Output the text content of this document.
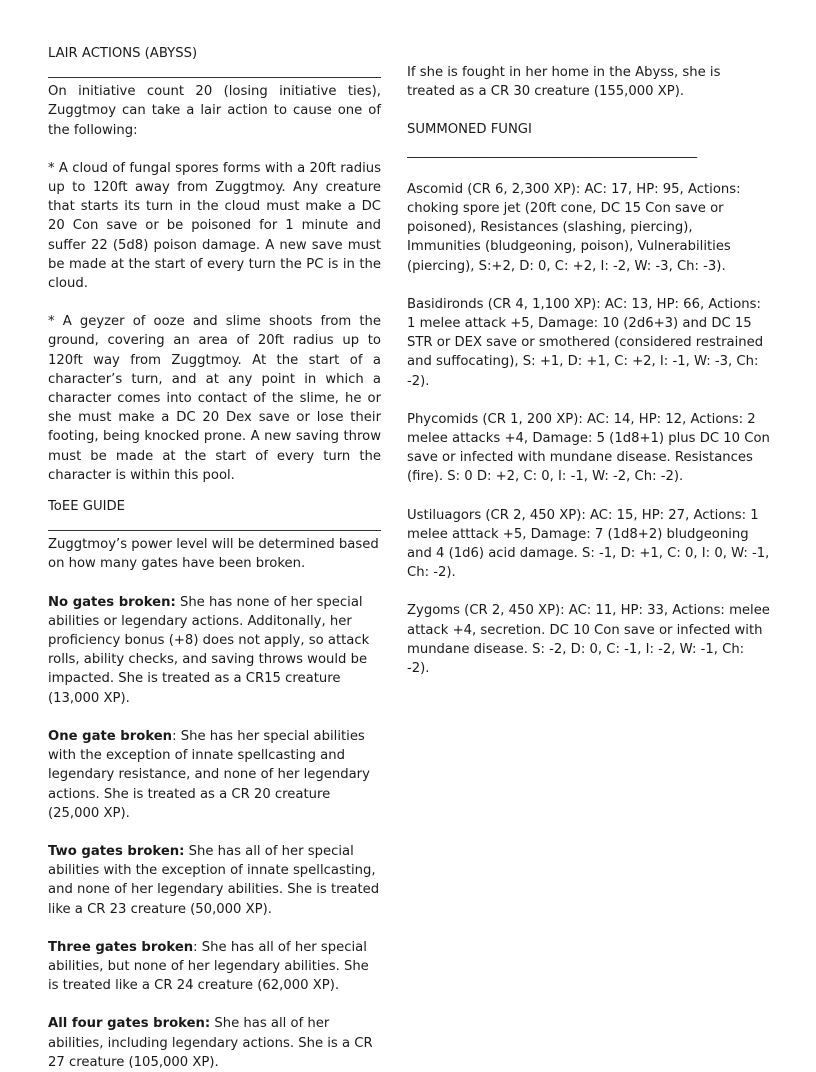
LAIR ACTIONS (ABYSS)

On initiative count 20 (losing initiative ties), Zuggtmoy can take a lair action to cause one of the following:

* A cloud of fungal spores forms with a 20ft radius up to 120ft away from Zuggtmoy. Any creature that starts its turn in the cloud must make a DC 20 Con save or be poisoned for 1 minute and suffer 22 (5d8) poison damage. A new save must be made at the start of every turn the PC is in the cloud.

* A geyzer of ooze and slime shoots from the ground, covering an area of 20ft radius up to 120ft way from Zuggtmoy. At the start of a character’s turn, and at any point in which a character comes into contact of the slime, he or she must make a DC 20 Dex save or lose their footing, being knocked prone. A new saving throw must be made at the start of every turn the character is within this pool.

ToEE GUIDE

Zuggtmoy’s power level will be determined based on how many gates have been broken.

No gates broken: She has none of her special abilities or legendary actions. Additonally, her proficiency bonus (+8) does not apply, so attack rolls, ability checks, and saving throws would be impacted. She is treated as a CR15 creature (13,000 XP).

One gate broken: She has her special abilities with the exception of innate spellcasting and legendary resistance, and none of her legendary actions. She is treated as a CR 20 creature (25,000 XP).

Two gates broken: She has all of her special abilities with the exception of innate spellcasting, and none of her legendary abilities. She is treated like a CR 23 creature (50,000 XP).

Three gates broken: She has all of her special abilities, but none of her legendary abilities. She is treated like a CR 24 creature (62,000 XP).

All four gates broken: She has all of her abilities, including legendary actions. She is a CR 27 creature (105,000 XP).

If she is fought in her home in the Abyss, she is treated as a CR 30 creature (155,000 XP).

SUMMONED FUNGI

____________________________________________

Ascomid (CR 6, 2,300 XP): AC: 17, HP: 95, Actions: choking spore jet (20ft cone, DC 15 Con save or poisoned), Resistances (slashing, piercing), Immunities (bludgeoning, poison), Vulnerabilities (piercing), S:+2, D: 0, C: +2, I: -2, W: -3, Ch: -3).

Basidironds (CR 4, 1,100 XP): AC: 13, HP: 66, Actions: 1 melee attack +5, Damage: 10 (2d6+3) and DC 15 STR or DEX save or smothered (considered restrained and suffocating), S: +1, D: +1, C: +2, I: -1, W: -3, Ch: -2).

Phycomids (CR 1, 200 XP): AC: 14, HP: 12, Actions: 2 melee attacks +4, Damage: 5 (1d8+1) plus DC 10 Con save or infected with mundane disease. Resistances (fire). S: 0 D: +2, C: 0, I: -1, W: -2, Ch: -2).

Ustiluagors (CR 2, 450 XP): AC: 15, HP: 27, Actions: 1 melee atttack +5, Damage: 7 (1d8+2) bludgeoning and 4 (1d6) acid damage. S: -1, D: +1, C: 0, I: 0, W: -1, Ch: -2).

Zygoms (CR 2, 450 XP): AC: 11, HP: 33, Actions: melee attack +4, secretion. DC 10 Con save or infected with mundane disease. S: -2, D: 0, C: -1, I: -2, W: -1, Ch: -2).
